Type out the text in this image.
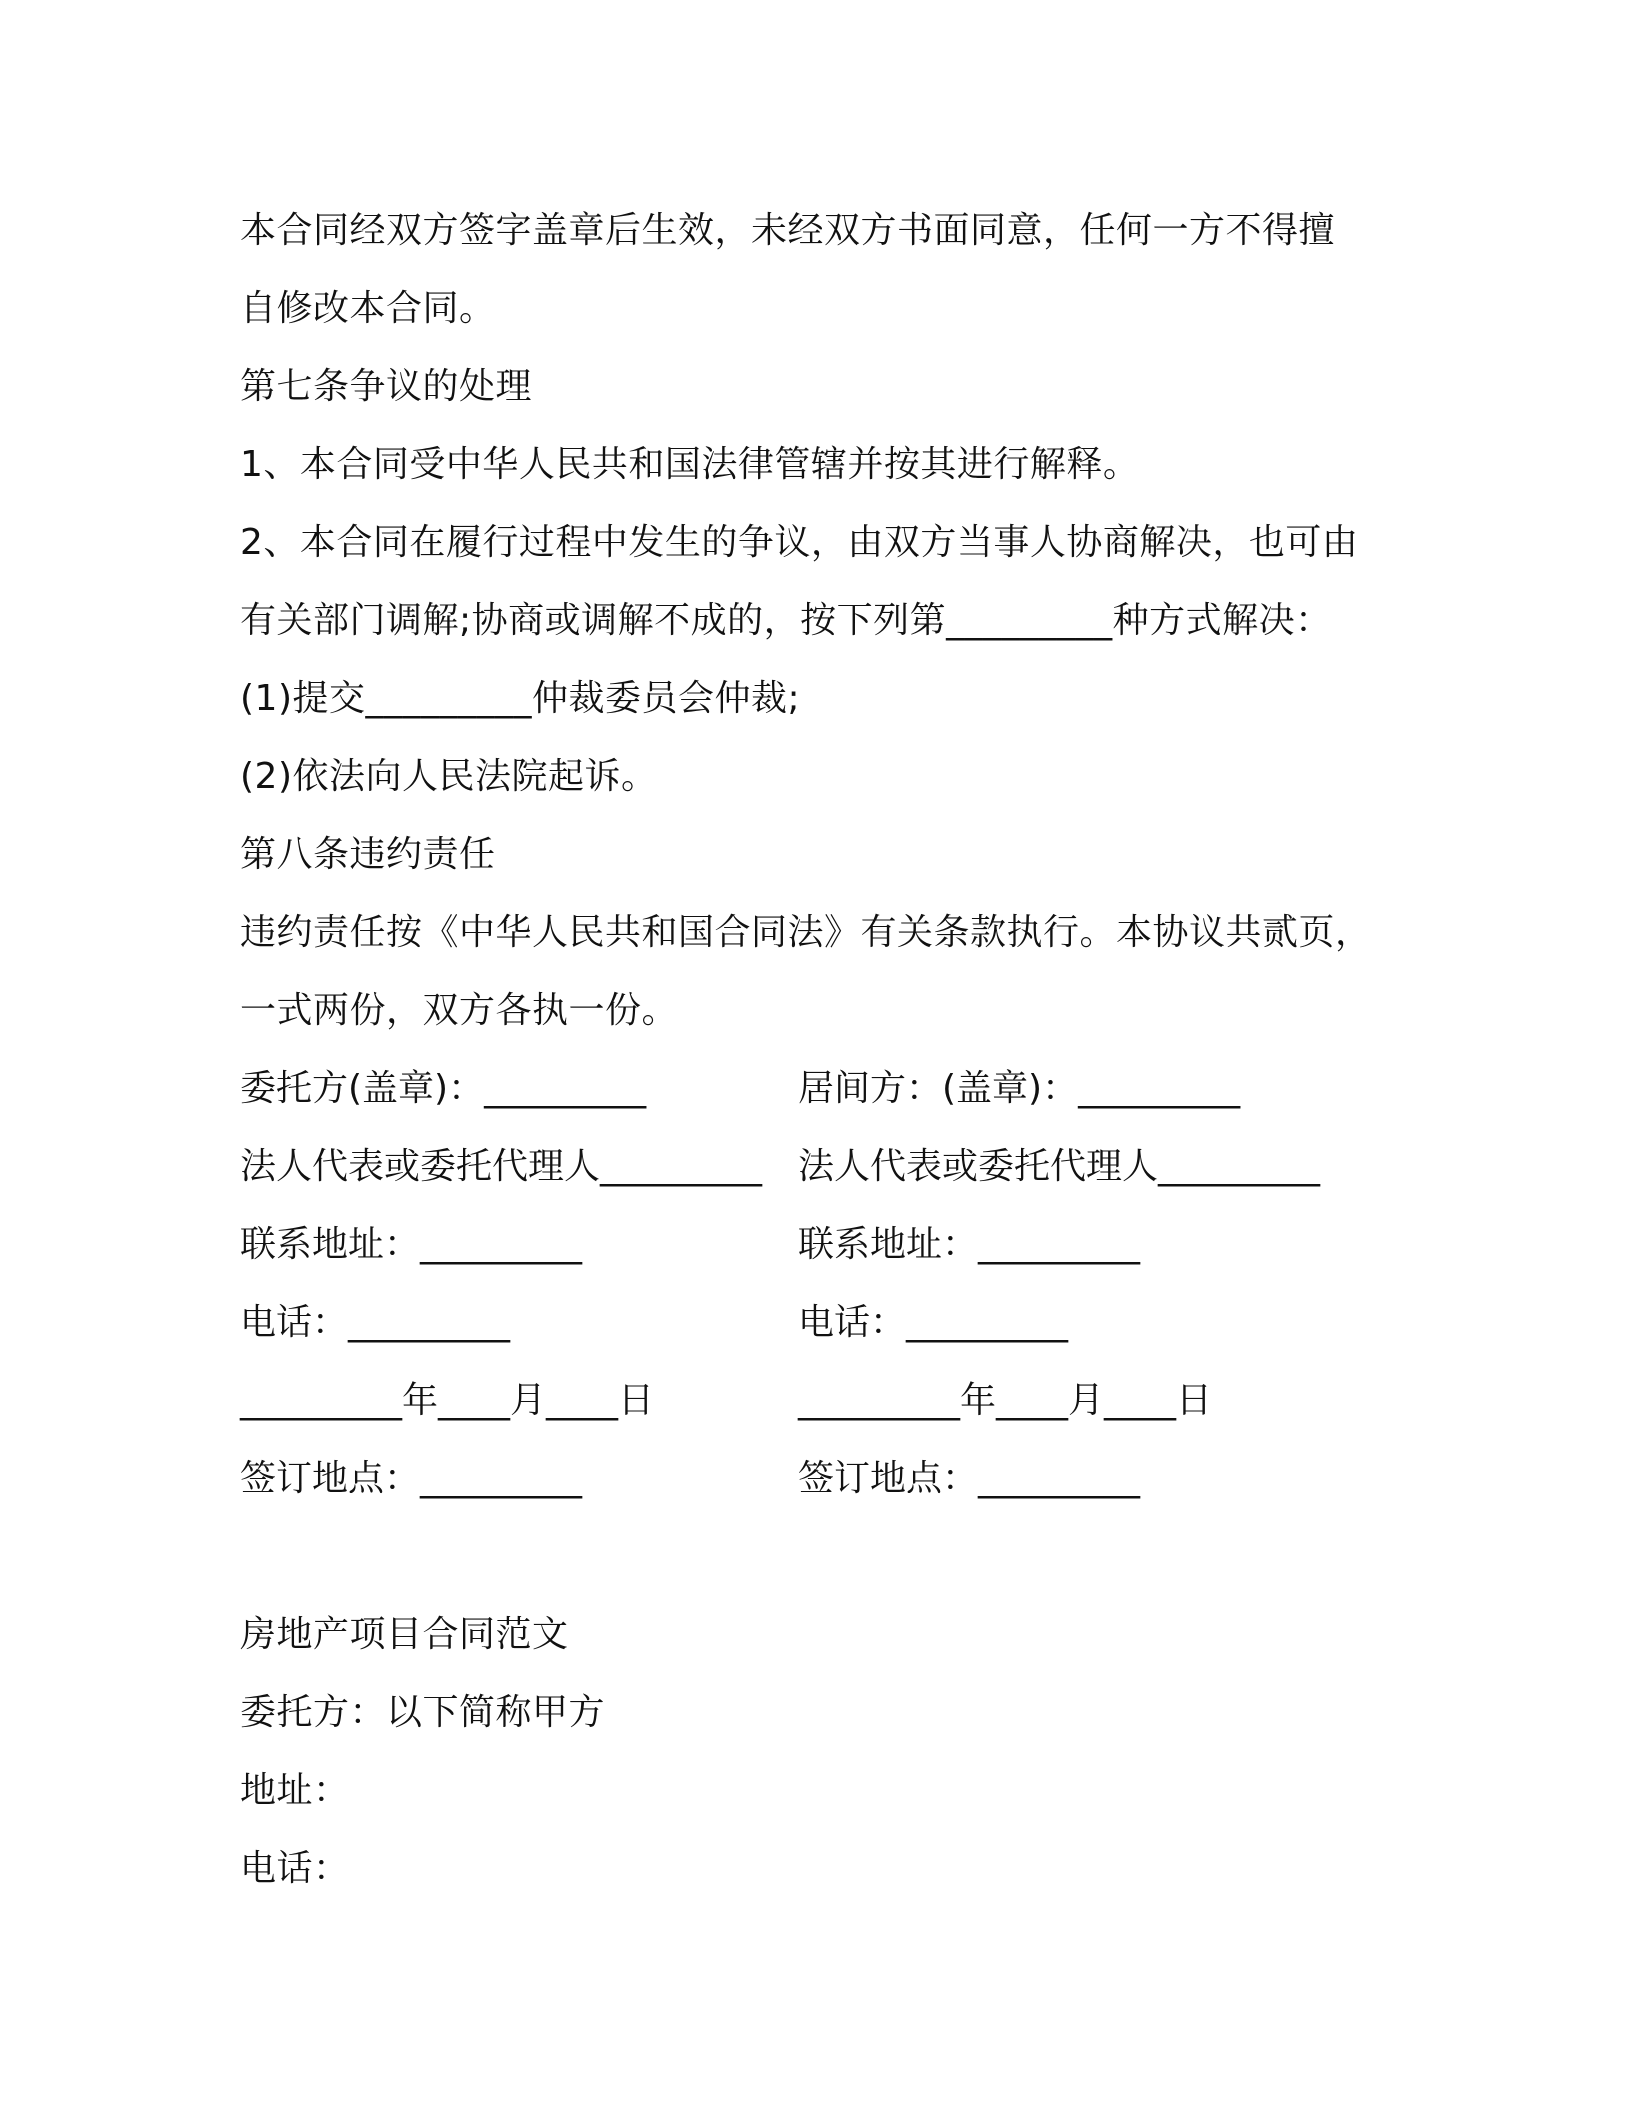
本合同经双方签字盖章后生效，未经双方书面同意，任何一方不得擅
自修改本合同。
第七条争议的处理
1、本合同受中华人民共和国法律管辖并按其进行解释。
2、本合同在履行过程中发生的争议，由双方当事人协商解决，也可由
有关部门调解;协商或调解不成的，按下列第_________种方式解决：
(1)提交_________仲裁委员会仲裁;
(2)依法向人民法院起诉。
第八条违约责任
违约责任按《中华人民共和国合同法》有关条款执行。本协议共贰页，
一式两份，双方各执一份。
委托方(盖章)：_________	居间方：(盖章)：_________
法人代表或委托代理人_________ 法人代表或委托代理人_________
联系地址：_________	联系地址：_________
电话：_________	电话：_________
_________年____月____日	_________年____月____日
签订地点：_________	签订地点：_________
房地产项目合同范文
委托方：以下简称甲方
地址：
电话：
